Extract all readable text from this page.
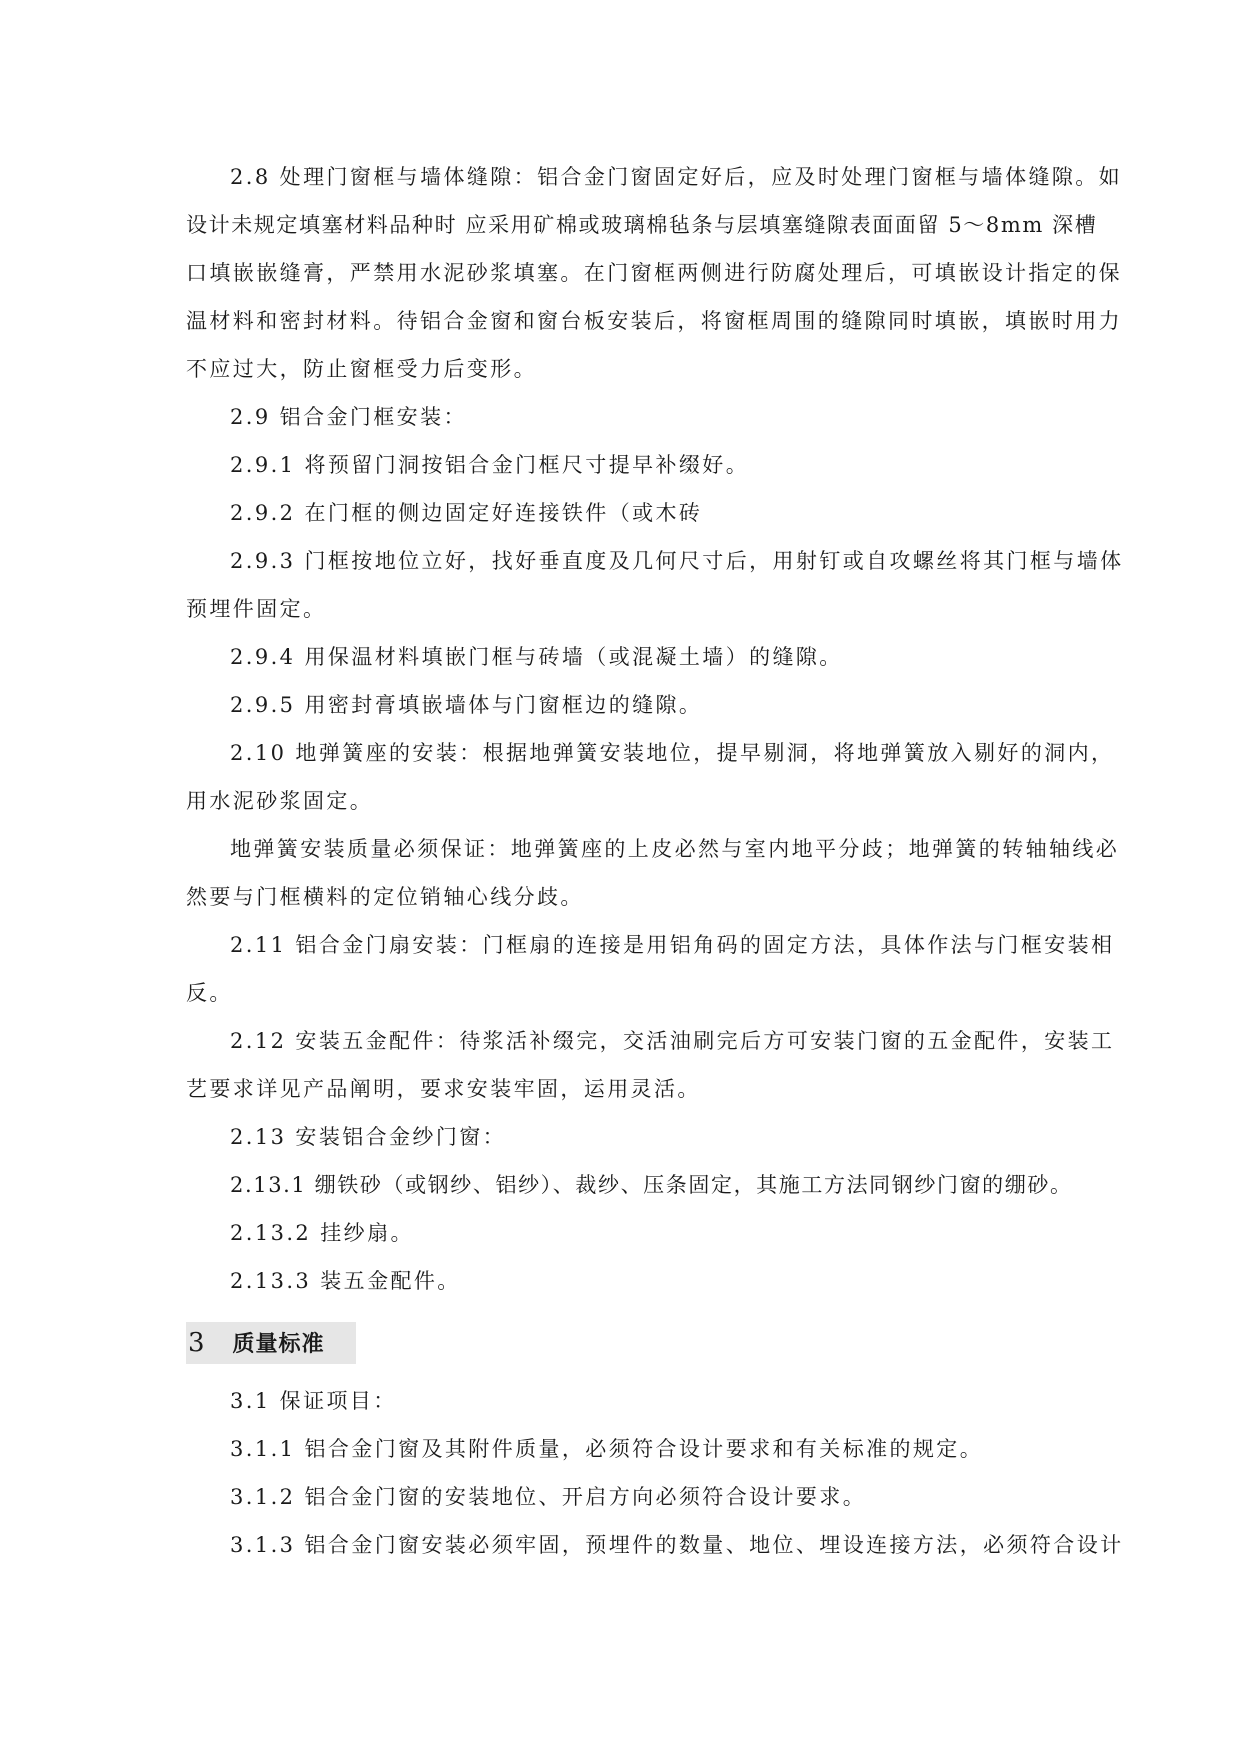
2.8 处理门窗框与墙体缝隙：铝合金门窗固定好后，应及时处理门窗框与墙体缝隙。如
设计未规定填塞材料品种时 应采用矿棉或玻璃棉毡条与层填塞缝隙表面面留 5～8mm 深槽
口填嵌嵌缝膏，严禁用水泥砂浆填塞。在门窗框两侧进行防腐处理后，可填嵌设计指定的保
温材料和密封材料。待铝合金窗和窗台板安装后，将窗框周围的缝隙同时填嵌，填嵌时用力
不应过大，防止窗框受力后变形。
2.9 铝合金门框安装：
2.9.1 将预留门洞按铝合金门框尺寸提早补缀好。
2.9.2 在门框的侧边固定好连接铁件（或木砖
2.9.3 门框按地位立好，找好垂直度及几何尺寸后，用射钉或自攻螺丝将其门框与墙体
预埋件固定。
2.9.4 用保温材料填嵌门框与砖墙（或混凝土墙）的缝隙。
2.9.5 用密封膏填嵌墙体与门窗框边的缝隙。
2.10 地弹簧座的安装：根据地弹簧安装地位，提早剔洞，将地弹簧放入剔好的洞内，
用水泥砂浆固定。
地弹簧安装质量必须保证：地弹簧座的上皮必然与室内地平分歧；地弹簧的转轴轴线必
然要与门框横料的定位销轴心线分歧。
2.11 铝合金门扇安装：门框扇的连接是用铝角码的固定方法，具体作法与门框安装相
反。
2.12 安装五金配件：待浆活补缀完，交活油刷完后方可安装门窗的五金配件，安装工
艺要求详见产品阐明，要求安装牢固，运用灵活。
2.13 安装铝合金纱门窗：
2.13.1 绷铁砂（或钢纱、铝纱）、裁纱、压条固定，其施工方法同钢纱门窗的绷砂。
2.13.2 挂纱扇。
2.13.3 装五金配件。
3 质量标准
3.1 保证项目：
3.1.1 铝合金门窗及其附件质量，必须符合设计要求和有关标准的规定。
3.1.2 铝合金门窗的安装地位、开启方向必须符合设计要求。
3.1.3 铝合金门窗安装必须牢固，预埋件的数量、地位、埋设连接方法，必须符合设计
